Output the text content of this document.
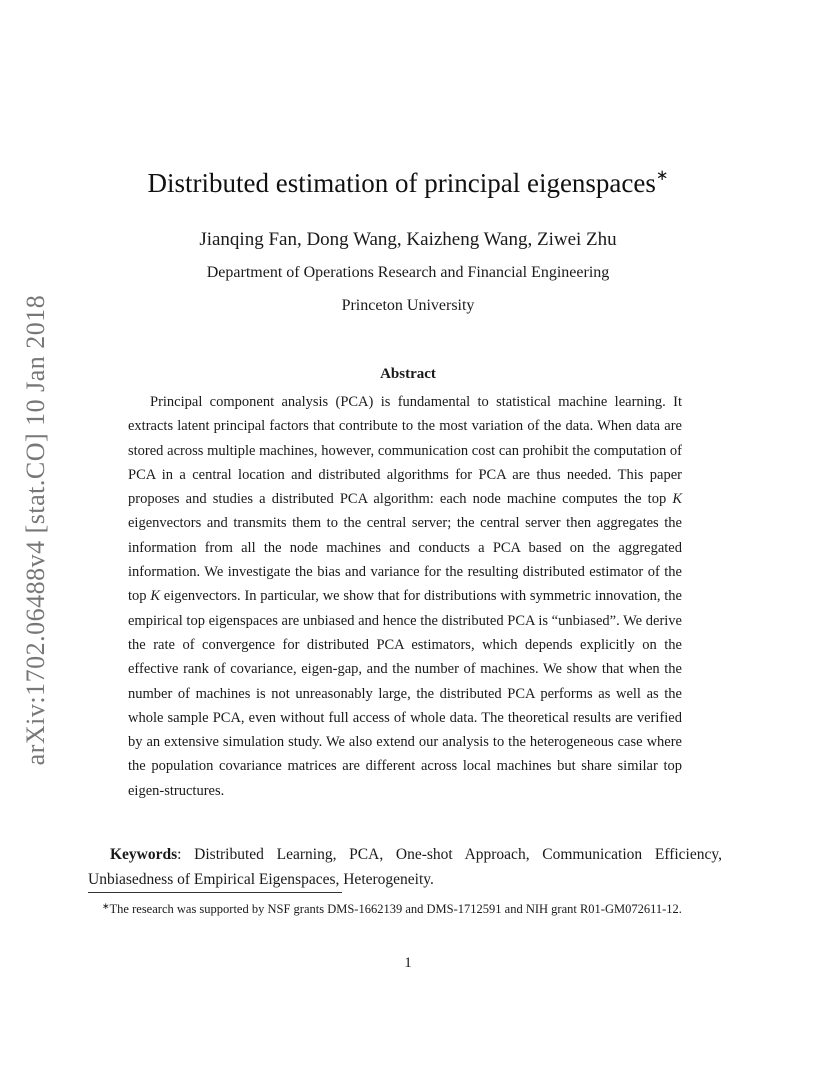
arXiv:1702.06488v4 [stat.CO] 10 Jan 2018
Distributed estimation of principal eigenspaces∗
Jianqing Fan, Dong Wang, Kaizheng Wang, Ziwei Zhu
Department of Operations Research and Financial Engineering
Princeton University
Abstract

Principal component analysis (PCA) is fundamental to statistical machine learning. It extracts latent principal factors that contribute to the most variation of the data. When data are stored across multiple machines, however, communication cost can prohibit the computation of PCA in a central location and distributed algorithms for PCA are thus needed. This paper proposes and studies a distributed PCA algorithm: each node machine computes the top K eigenvectors and transmits them to the central server; the central server then aggregates the information from all the node machines and conducts a PCA based on the aggregated information. We investigate the bias and variance for the resulting distributed estimator of the top K eigenvectors. In particular, we show that for distributions with symmetric innovation, the empirical top eigenspaces are unbiased and hence the distributed PCA is “unbiased”. We derive the rate of convergence for distributed PCA estimators, which depends explicitly on the effective rank of covariance, eigen-gap, and the number of machines. We show that when the number of machines is not unreasonably large, the distributed PCA performs as well as the whole sample PCA, even without full access of whole data. The theoretical results are verified by an extensive simulation study. We also extend our analysis to the heterogeneous case where the population covariance matrices are different across local machines but share similar top eigen-structures.

Keywords: Distributed Learning, PCA, One-shot Approach, Communication Efficiency, Unbiasedness of Empirical Eigenspaces, Heterogeneity.

∗The research was supported by NSF grants DMS-1662139 and DMS-1712591 and NIH grant R01-GM072611-12.

1
